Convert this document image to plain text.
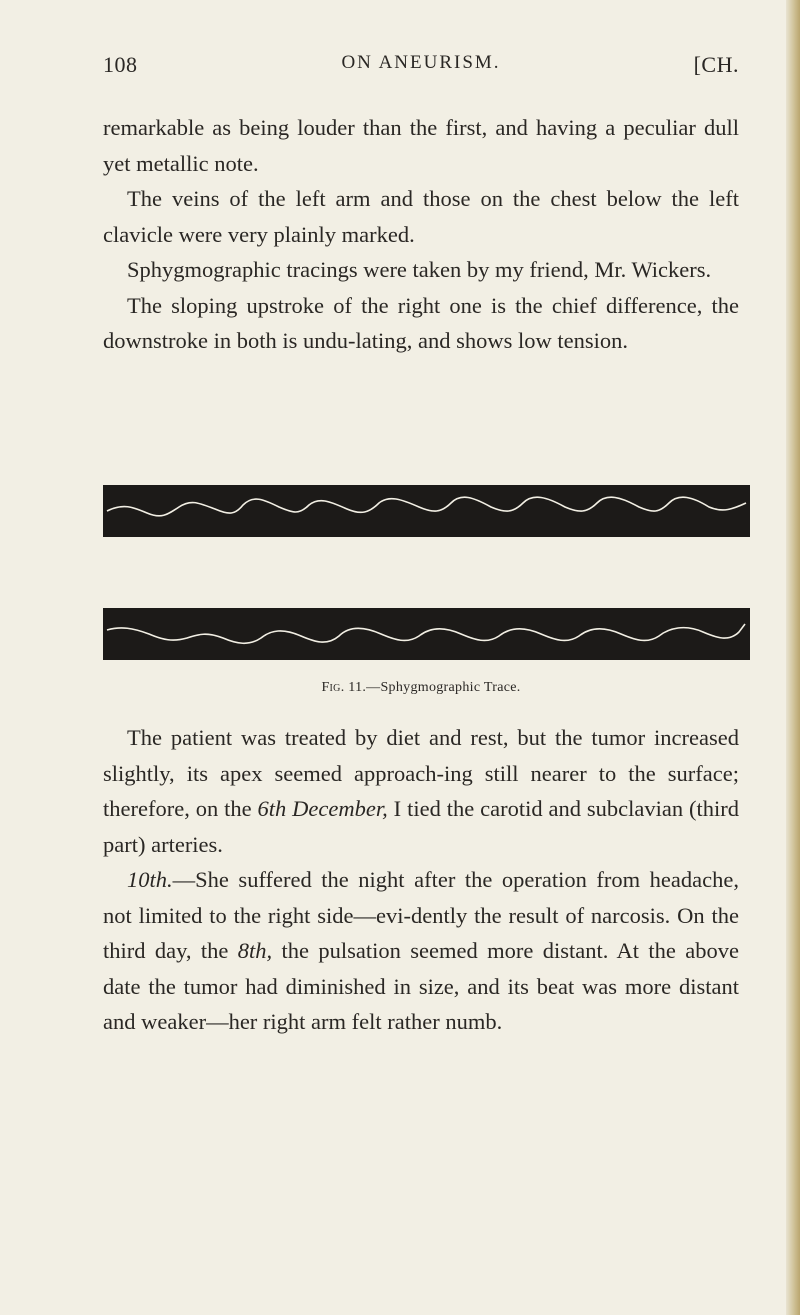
108	ON ANEURISM.	[CH.

remarkable as being louder than the first, and having a peculiar dull yet metallic note.

The veins of the left arm and those on the chest below the left clavicle were very plainly marked.

Sphygmographic tracings were taken by my friend, Mr. Wickers.

The sloping upstroke of the right one is the chief difference, the downstroke in both is undu-lating, and shows low tension.

Fig. 11.—Sphygmographic Trace.

The patient was treated by diet and rest, but the tumor increased slightly, its apex seemed approach-ing still nearer to the surface; therefore, on the 6th December, I tied the carotid and subclavian (third part) arteries.

10th.—She suffered the night after the operation from headache, not limited to the right side—evi-dently the result of narcosis. On the third day, the 8th, the pulsation seemed more distant. At the above date the tumor had diminished in size, and its beat was more distant and weaker—her right arm felt rather numb.
